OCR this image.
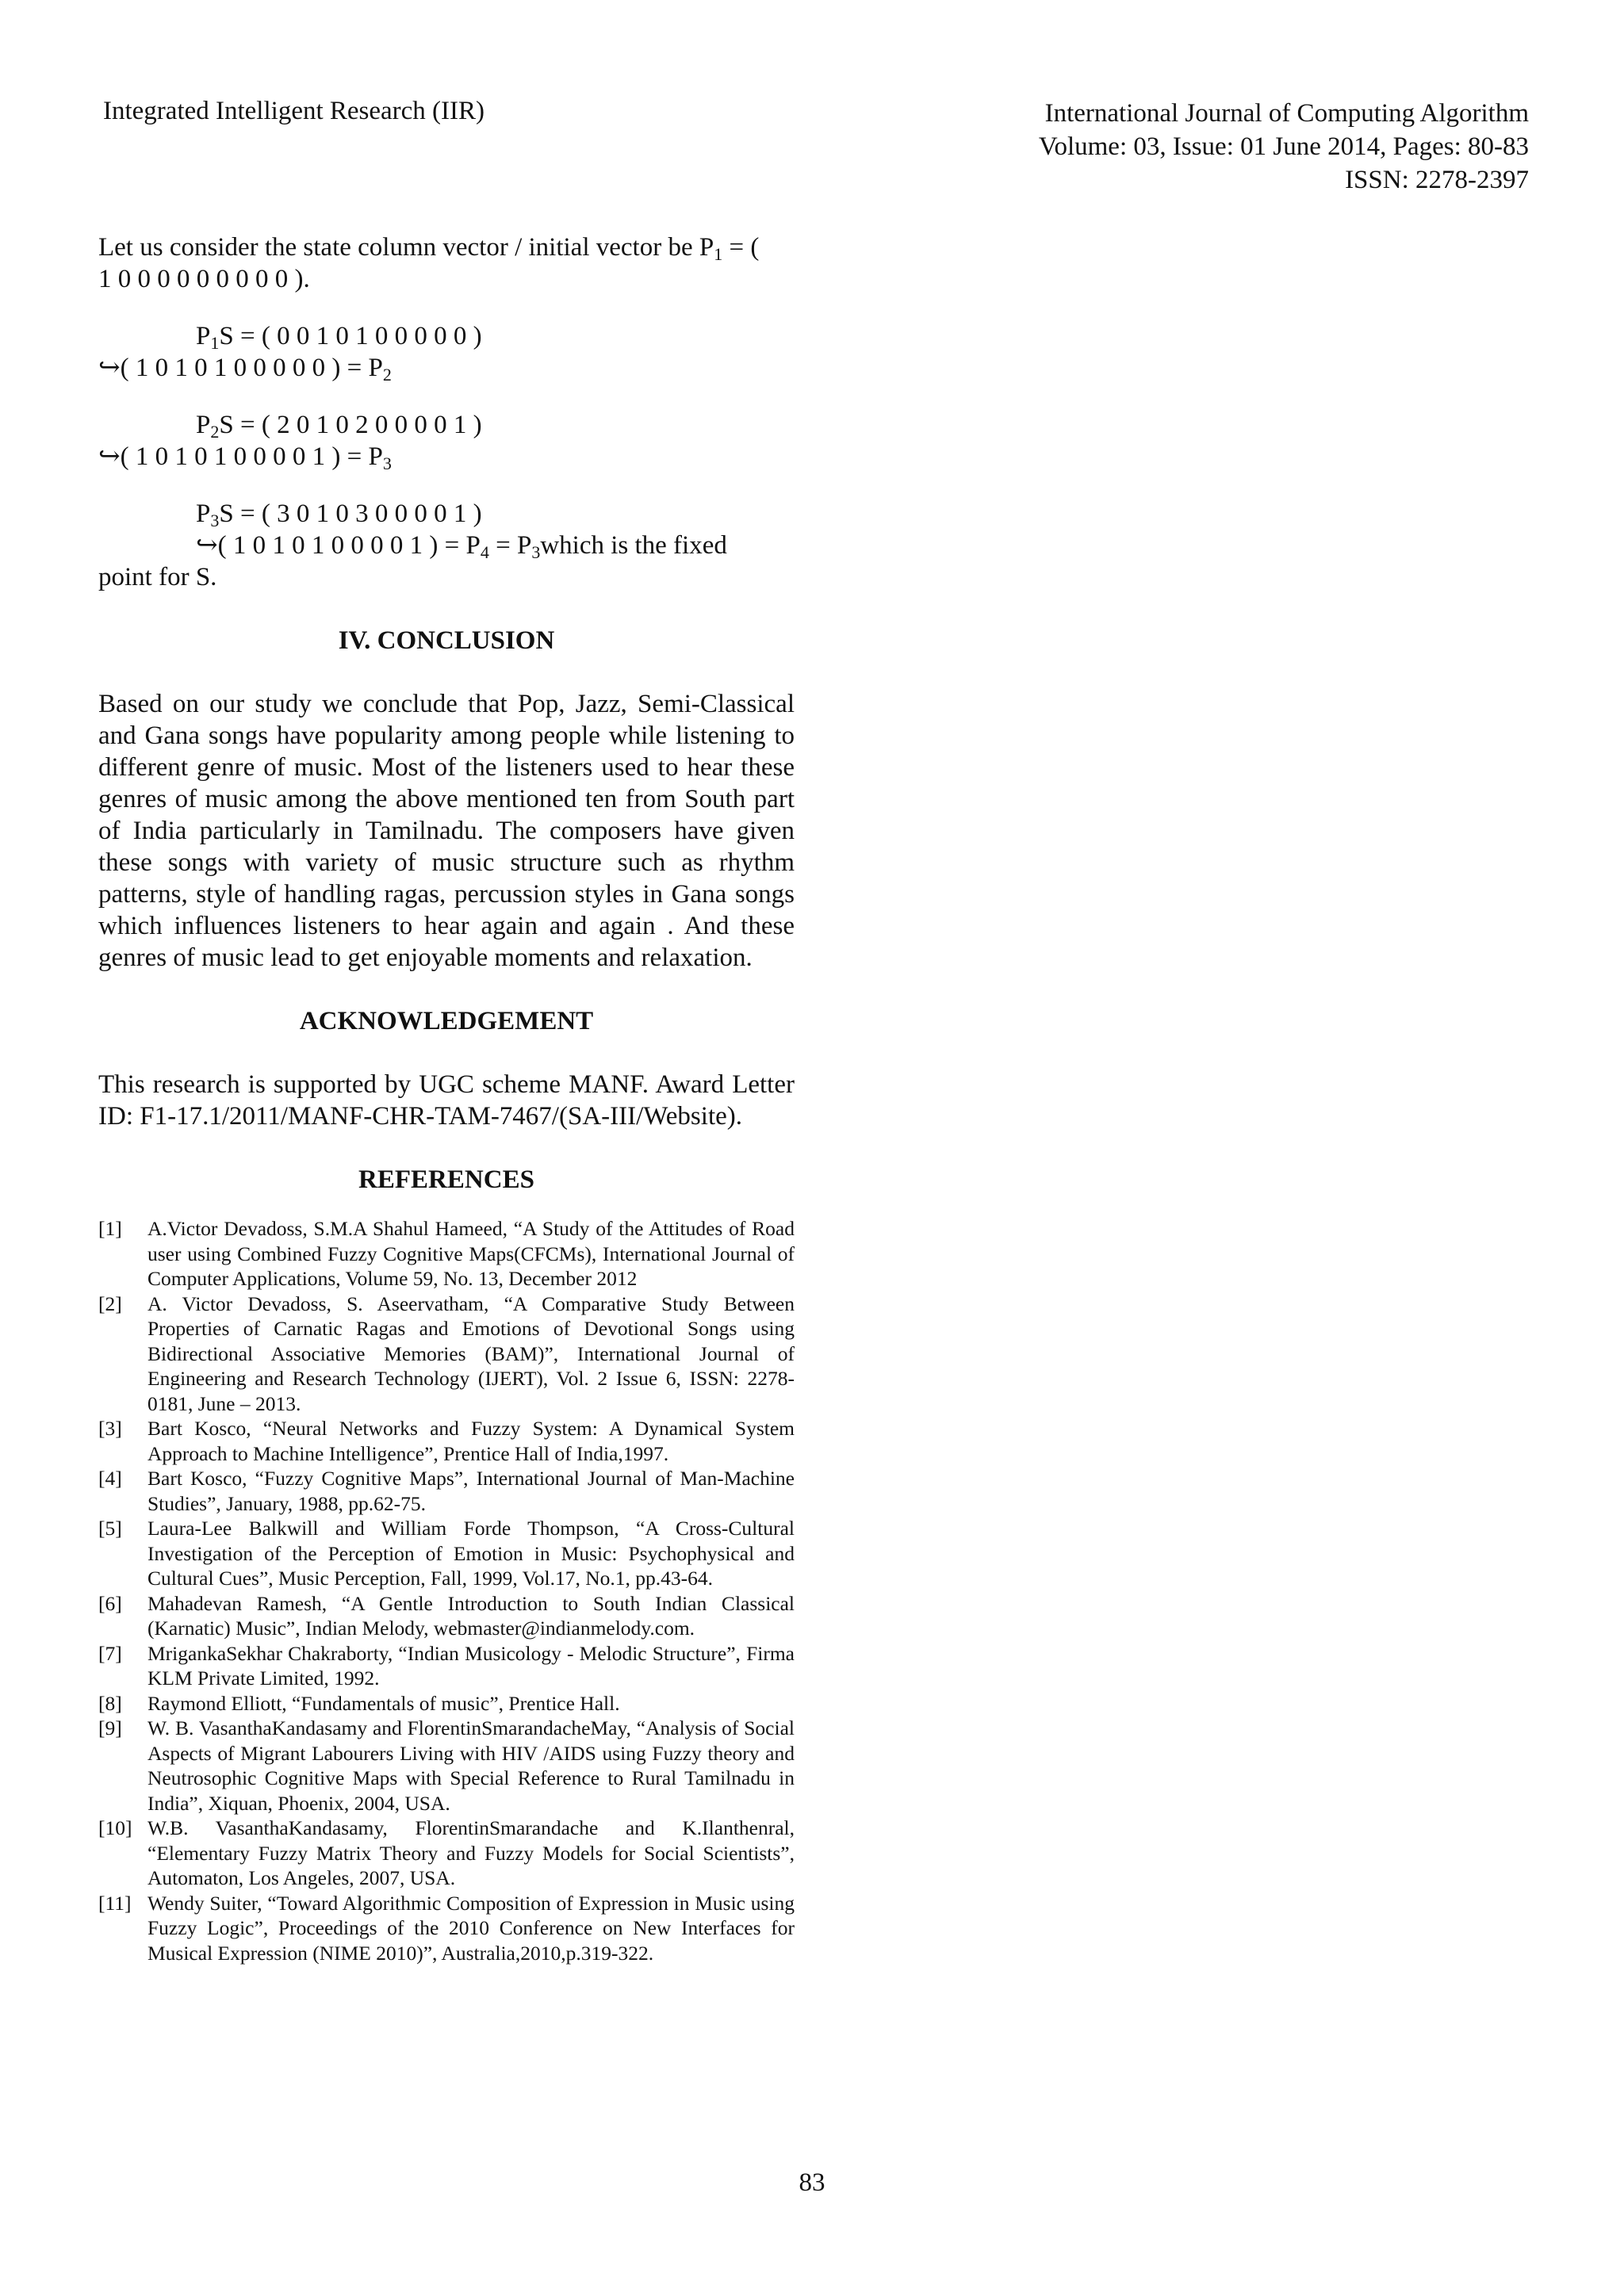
Integrated Intelligent Research (IIR)	International Journal of Computing Algorithm
Volume: 03, Issue: 01 June 2014, Pages: 80-83
ISSN: 2278-2397

Let us consider the state column vector / initial vector be $P_1$ = (
1 0 0 0 0 0 0 0 0 0 ).

$P_1S$ = ( 0 0 1 0 1 0 0 0 0 0 )

↪( 1 0 1 0 1 0 0 0 0 0 ) = $P_2$

$P_2S$ = ( 2 0 1 0 2 0 0 0 0 1 )

↪( 1 0 1 0 1 0 0 0 0 1 ) = $P_3$

$P_3S$ = ( 3 0 1 0 3 0 0 0 0 1 )

↪( 1 0 1 0 1 0 0 0 0 1 ) = $P_4$ = $P_3which$ is the fixed

point for S.

IV. CONCLUSION

Based on our study we conclude that Pop, Jazz, Semi-Classical and Gana songs have popularity among people while listening to different genre of music. Most of the listeners used to hear these genres of music among the above mentioned ten from South part of India particularly in Tamilnadu. The composers have given these songs with variety of music structure such as rhythm patterns, style of handling ragas, percussion styles in Gana songs which influences listeners to hear again and again . And these genres of music lead to get enjoyable moments and relaxation.

ACKNOWLEDGEMENT

This research is supported by UGC scheme MANF. Award Letter ID: F1-17.1/2011/MANF-CHR-TAM-7467/(SA-III/Website).

REFERENCES
[1]	A.Victor Devadoss, S.M.A Shahul Hameed, “A Study of the Attitudes of Road user using Combined Fuzzy Cognitive Maps(CFCMs), International Journal of Computer Applications, Volume 59, No. 13, December 2012
[2]	A. Victor Devadoss, S. Aseervatham, “A Comparative Study Between Properties of Carnatic Ragas and Emotions of Devotional Songs using Bidirectional Associative Memories (BAM)”, International Journal of Engineering and Research Technology (IJERT), Vol. 2 Issue 6, ISSN: 2278-0181, June – 2013.
[3]	Bart Kosco, “Neural Networks and Fuzzy System: A Dynamical System Approach to Machine Intelligence”, Prentice Hall of India,1997.
[4]	Bart Kosco, “Fuzzy Cognitive Maps”, International Journal of Man-Machine Studies”, January, 1988, pp.62-75.
[5]	Laura-Lee Balkwill and William Forde Thompson, “A Cross-Cultural Investigation of the Perception of Emotion in Music: Psychophysical and Cultural Cues”, Music Perception, Fall, 1999, Vol.17, No.1, pp.43-64.
[6]	Mahadevan Ramesh, “A Gentle Introduction to South Indian Classical (Karnatic) Music”, Indian Melody, webmaster@indianmelody.com.
[7]	MrigankaSekhar Chakraborty, “Indian Musicology - Melodic Structure”, Firma KLM Private Limited, 1992.
[8]	Raymond Elliott, “Fundamentals of music”, Prentice Hall.
[9]	W. B. VasanthaKandasamy and FlorentinSmarandacheMay, “Analysis of Social Aspects of Migrant Labourers Living with HIV /AIDS using Fuzzy theory and Neutrosophic Cognitive Maps with Special Reference to Rural Tamilnadu in India”, Xiquan, Phoenix, 2004, USA.
[10] W.B. VasanthaKandasamy, FlorentinSmarandache and K.Ilanthenral, “Elementary Fuzzy Matrix Theory and Fuzzy Models for Social Scientists”, Automaton, Los Angeles, 2007, USA.
[11] Wendy Suiter, “Toward Algorithmic Composition of Expression in Music using Fuzzy Logic”, Proceedings of the 2010 Conference on New Interfaces for Musical Expression (NIME 2010)”, Australia,2010,p.319-322.
83
